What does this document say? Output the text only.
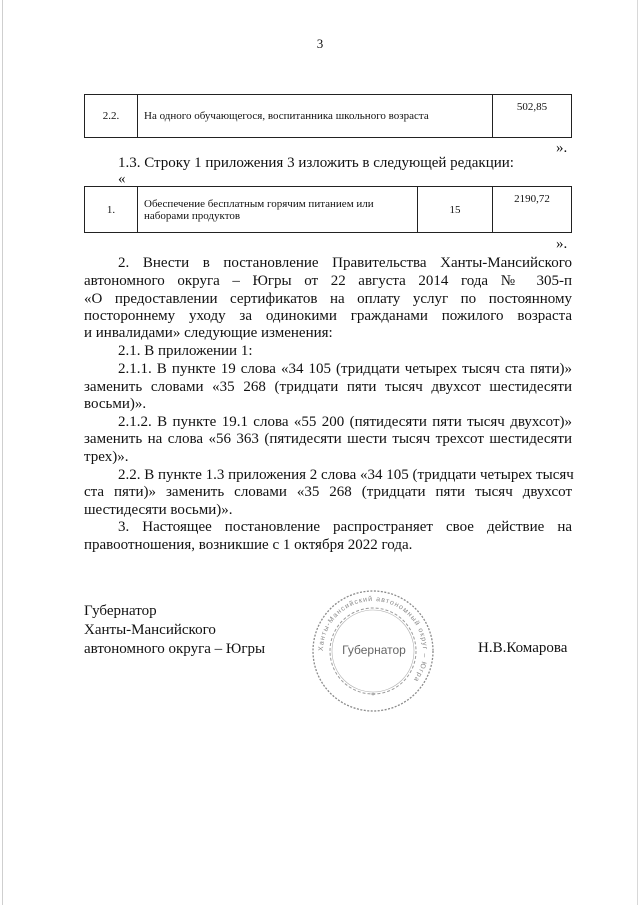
3
2.2.	На одного обучающегося, воспитанника школьного возраста	502,85
».
1.3. Строку 1 приложения 3 изложить в следующей редакции:
«
1.	Обеспечение бесплатным горячим питанием или
наборами продуктов	15	2190,72
».
2. Внести в постановление Правительства Ханты-Мансийского
автономного округа – Югры от 22 августа 2014 года № 305-п
«О предоставлении сертификатов на оплату услуг по постоянному
постороннему уходу за одинокими гражданами пожилого возраста
и инвалидами» следующие изменения:
2.1. В приложении 1:
2.1.1. В пункте 19 слова «34 105 (тридцати четырех тысяч ста пяти)»
заменить словами «35 268 (тридцати пяти тысяч двухсот шестидесяти
восьми)».
2.1.2. В пункте 19.1 слова «55 200 (пятидесяти пяти тысяч двухсот)»
заменить на слова «56 363 (пятидесяти шести тысяч трехсот шестидесяти
трех)».
2.2. В пункте 1.3 приложения 2 слова «34 105 (тридцати четырех тысяч
ста пяти)» заменить словами «35 268 (тридцати пяти тысяч двухсот
шестидесяти восьми)».
3. Настоящее постановление распространяет свое действие на
правоотношения, возникшие с 1 октября 2022 года.
Губернатор
Ханты-Мансийского
автономного округа – Югры	Ханты-Мансийский автономный округ – Югра
Губернатор
*
Н.В.Комарова
